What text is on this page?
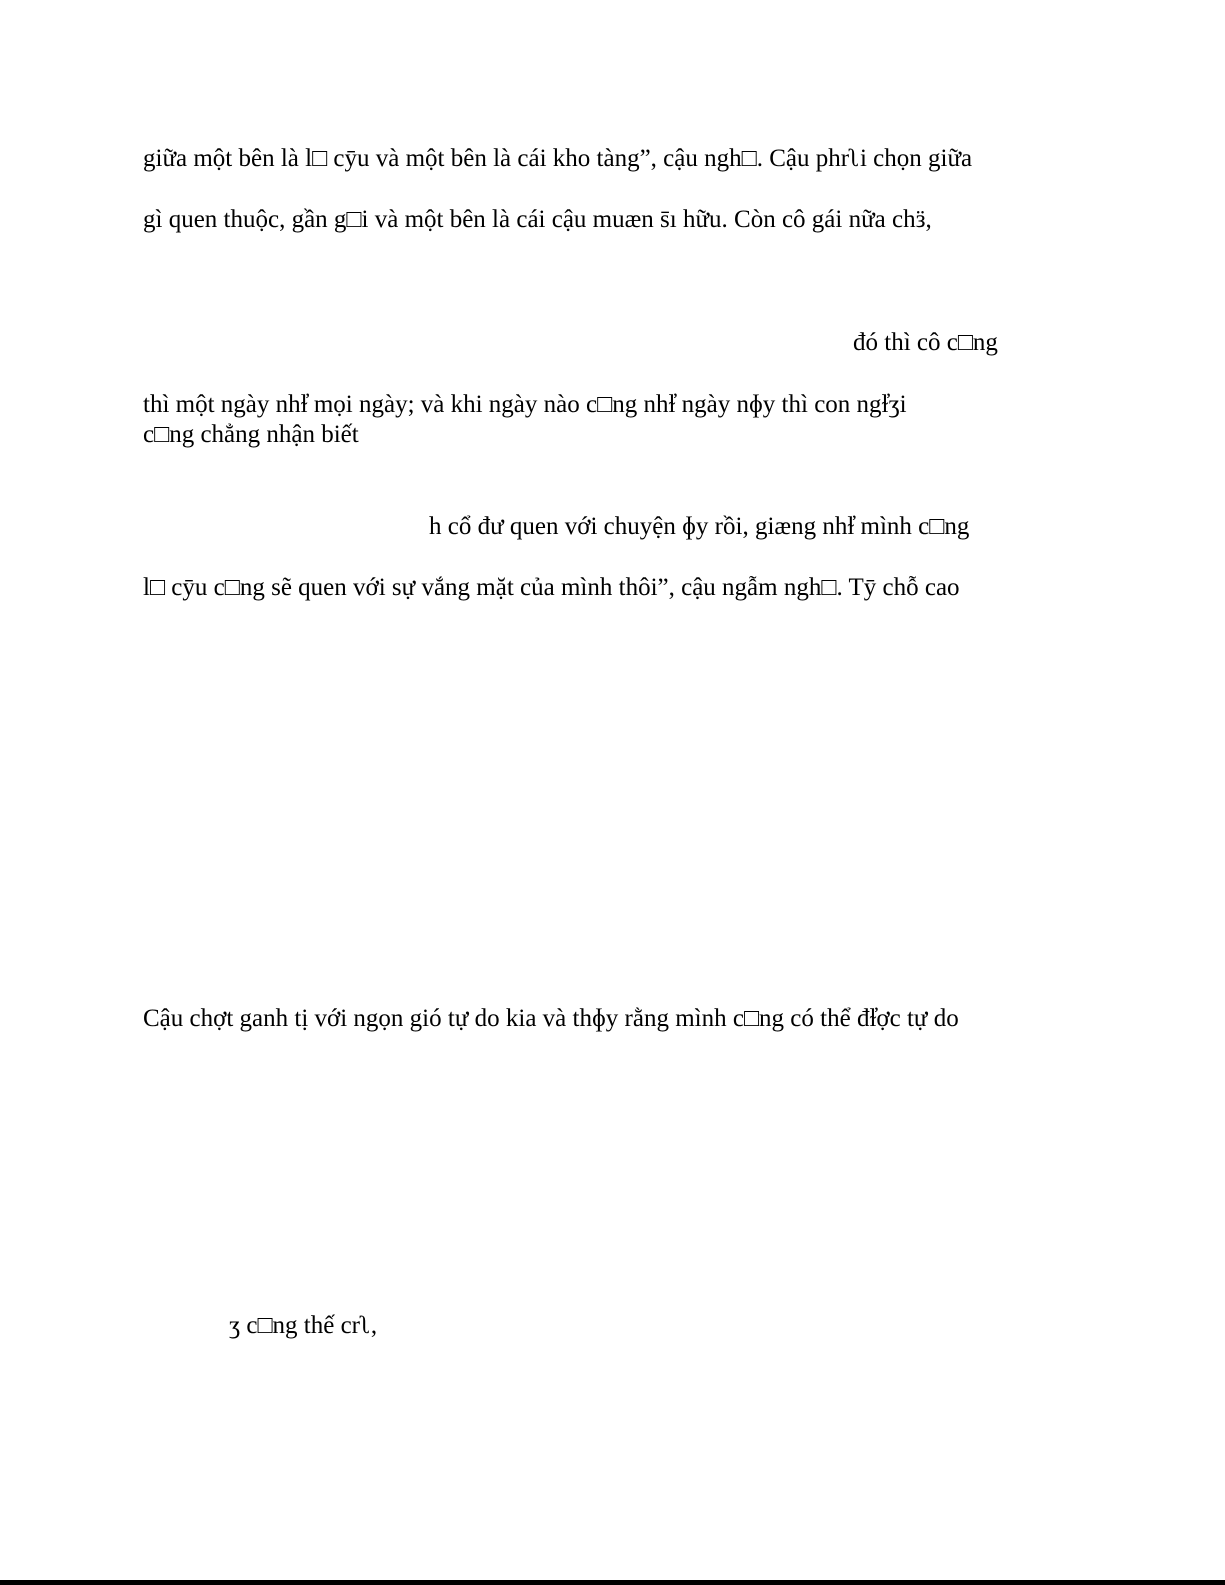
giữa một bên là l□ cȳu và một bên là cái kho tàng”, cậu ngh□. Cậu phrʅi chọn giữa
gì quen thuộc, gần g□i và một bên là cái cậu muæn s̄ı hữu. Còn cô gái nữa chӟ,
đó thì cô c□ng
thì một ngày nhɫ҆ mọi ngày; và khi ngày nào c□ng nhɫ҆ ngày nɸy thì con ngɫ҆ʒi
c□ng chẳng nhận biết
h cổ đư quen với chuyện ɸy rồi, giæng nhɫ҆ mình c□ng
l□ cȳu c□ng sẽ quen với sự vắng mặt của mình thôi”, cậu ngẫm ngh□. Tȳ chỗ cao
Cậu chợt ganh tị với ngọn gió tự do kia và thɸy rằng mình c□ng có thể đɫ҆ợc tự do
ʒ c□ng thế crʅ,
